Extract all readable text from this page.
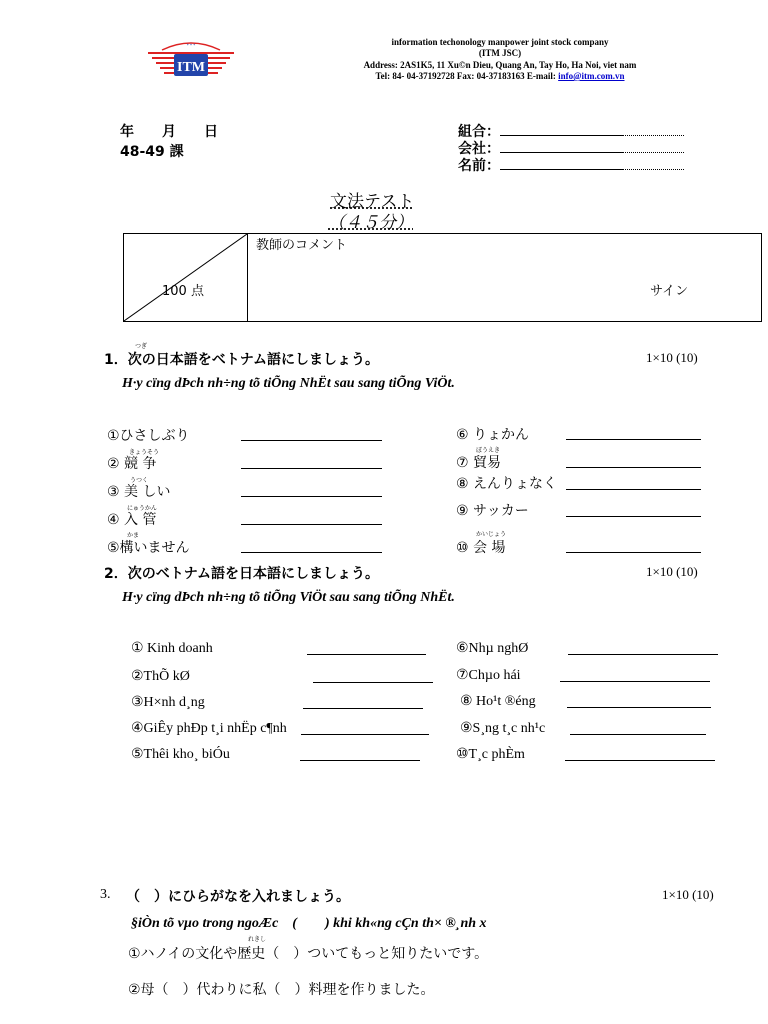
* * *
ITM
information techonology manpower joint stock company
(ITM JSC)
Address: 2AS1K5, 11 Xu©n Dieu, Quang An, Tay Ho, Ha Noi, viet nam
Tel: 84- 04-37192728 Fax: 04-37183163 E-mail: info@itm.com.vn
年　　月　　日
48-49 課
組合：
会社：
名前：
文法テスト
（４５分）
100 点
教師のコメント
サイン
つぎ
1．次の日本語をベトナム語にしましょう。	1×10 (10)
H·y cïng dÞch nh÷ng tõ tiÕng NhËt sau sang tiÕng ViÖt.
きょうそう
うつく
にゅうかん
かま
①ひさしぶり
② 競 争
③ 美 しい
④ 入 管
⑤構いません
ぼうえき
かいじょう
⑥ りょかん
⑦ 貿易
⑧ えんりょなく
⑨ サッカー
⑩ 会 場
2．次のベトナム語を日本語にしましょう。	1×10 (10)
H·y cïng dÞch nh÷ng tõ tiÕng ViÖt sau sang tiÕng NhËt.
① Kinh doanh
②ThÕ kØ
③H×nh d¸ng
④GiÊy phÐp t¸i nhËp c¶nh
⑤Thêi kho¸ biÓu
⑥Nhµ nghØ
⑦Chµo hái
⑧ Ho¹t ®éng
⑨S¸ng t¸c nh¹c
⑩T¸c phÈm
3. （　）にひらがなを入れましょう。	1×10 (10)
§iÒn tõ vµo trong ngoÆc　(　　) khi kh«ng cÇn th× ®¸nh x
れきし
①ハノイの文化や歴史（　）ついてもっと知りたいです。
②母（　）代わりに私（　）料理を作りました。
